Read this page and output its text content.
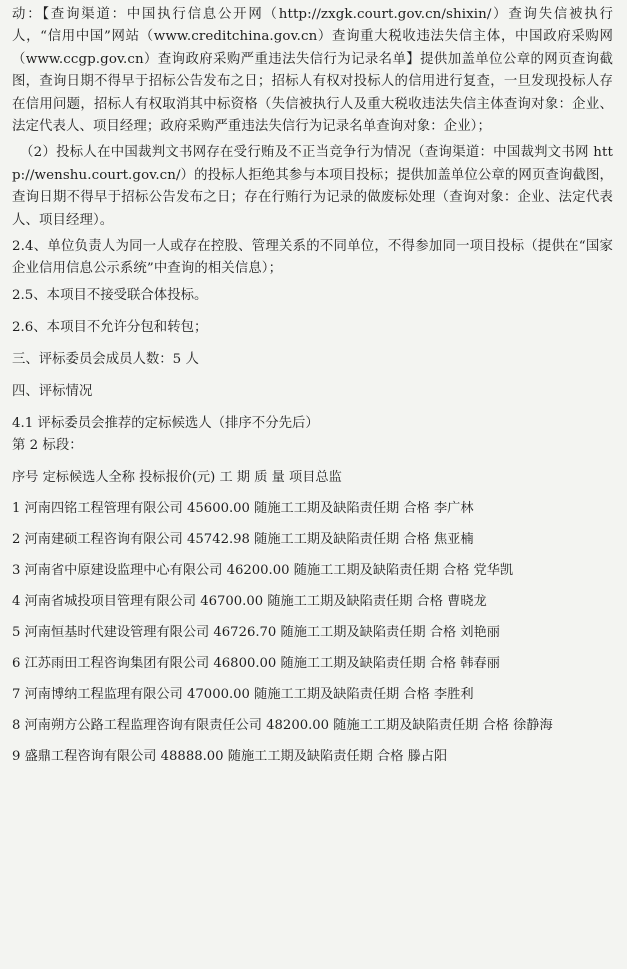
动：【查询渠道：中国执行信息公开网（http://zxgk.court.gov.cn/shixin/）查询失信被执行人，“信用中国”网站（www.creditchina.gov.cn）查询重大税收违法失信主体，中国政府采购网（www.ccgp.gov.cn）查询政府采购严重违法失信行为记录名单】提供加盖单位公章的网页查询截图，查询日期不得早于招标公告发布之日；招标人有权对投标人的信用进行复查，一旦发现投标人存在信用问题，招标人有权取消其中标资格（失信被执行人及重大税收违法失信主体查询对象：企业、法定代表人、项目经理；政府采购严重违法失信行为记录名单查询对象：企业）；

（2）投标人在中国裁判文书网存在受行贿及不正当竞争行为情况（查询渠道：中国裁判文书网 http://wenshu.court.gov.cn/）的投标人拒绝其参与本项目投标；提供加盖单位公章的网页查询截图，查询日期不得早于招标公告发布之日；存在行贿行为记录的做废标处理（查询对象：企业、法定代表人、项目经理）。

2.4、单位负责人为同一人或存在控股、管理关系的不同单位，不得参加同一项目投标（提供在“国家企业信用信息公示系统”中查询的相关信息）；

2.5、本项目不接受联合体投标。

2.6、本项目不允许分包和转包；

三、评标委员会成员人数：5 人

四、评标情况

4.1 评标委员会推荐的定标候选人（排序不分先后）

第 2 标段：

序号 定标候选人全称 投标报价(元) 工 期 质 量 项目总监

1 河南四铭工程管理有限公司 45600.00 随施工工期及缺陷责任期 合格 李广林

2 河南建硕工程咨询有限公司 45742.98 随施工工期及缺陷责任期 合格 焦亚楠

3 河南省中原建设监理中心有限公司 46200.00 随施工工期及缺陷责任期 合格 党华凯

4 河南省城投项目管理有限公司 46700.00 随施工工期及缺陷责任期 合格 曹晓龙

5 河南恒基时代建设管理有限公司 46726.70 随施工工期及缺陷责任期 合格 刘艳丽

6 江苏雨田工程咨询集团有限公司 46800.00 随施工工期及缺陷责任期 合格 韩春丽

7 河南博纳工程监理有限公司 47000.00 随施工工期及缺陷责任期 合格 李胜利

8 河南朔方公路工程监理咨询有限责任公司 48200.00 随施工工期及缺陷责任期 合格 徐静海

9 盛鼎工程咨询有限公司 48888.00 随施工工期及缺陷责任期 合格 滕占阳
